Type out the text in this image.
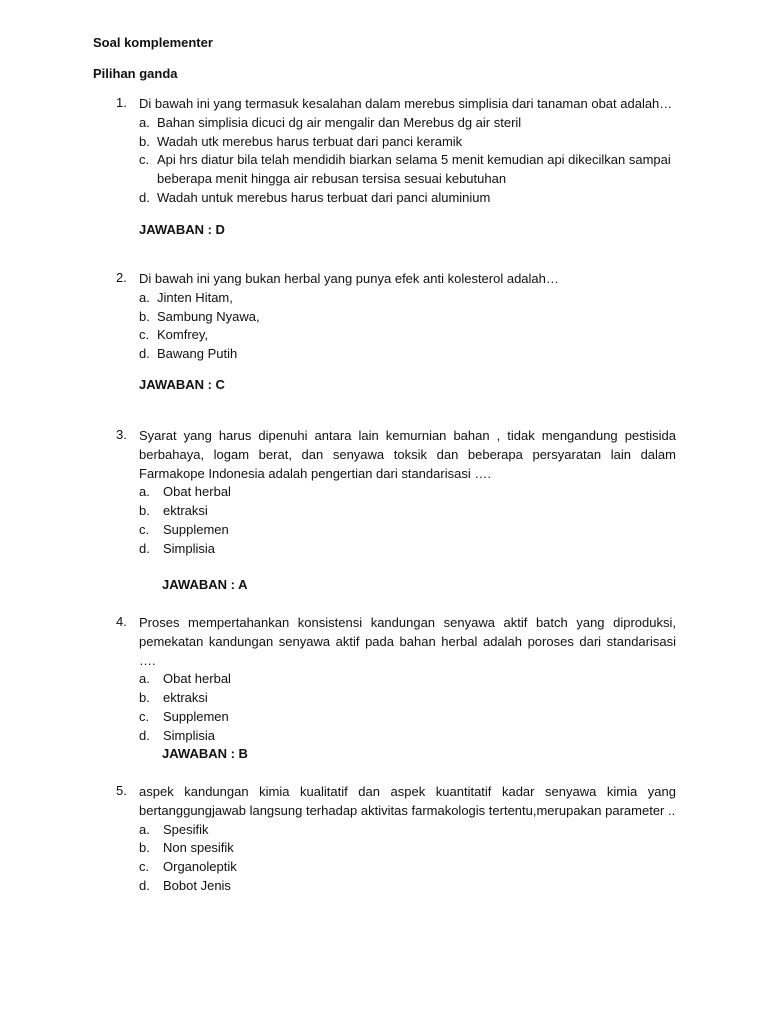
Soal komplementer
Pilihan ganda
1. Di bawah ini yang termasuk kesalahan dalam merebus simplisia dari tanaman obat adalah…
a. Bahan simplisia dicuci dg air mengalir dan Merebus dg air steril
b. Wadah utk merebus harus terbuat dari panci keramik
c. Api hrs diatur bila telah mendidih biarkan selama 5 menit kemudian api dikecilkan sampai beberapa menit hingga air rebusan tersisa sesuai kebutuhan
d. Wadah untuk merebus harus terbuat dari panci aluminium
JAWABAN : D
2. Di bawah ini yang bukan herbal yang punya efek anti kolesterol adalah…
a. Jinten Hitam,
b. Sambung Nyawa,
c. Komfrey,
d. Bawang Putih
JAWABAN : C
3. Syarat yang harus dipenuhi antara lain kemurnian bahan , tidak mengandung pestisida berbahaya, logam berat, dan senyawa toksik dan beberapa persyaratan lain dalam Farmakope Indonesia adalah pengertian dari standarisasi ….
a.	Obat herbal
b.	ektraksi
c.	Supplemen
d.	Simplisia
JAWABAN : A
4. Proses mempertahankan konsistensi kandungan senyawa aktif batch yang diproduksi, pemekatan kandungan senyawa aktif pada bahan herbal adalah poroses dari standarisasi ….
a.	Obat herbal
b.	ektraksi
c.	Supplemen
d.	Simplisia
JAWABAN : B
5. aspek kandungan kimia kualitatif dan aspek kuantitatif kadar senyawa kimia yang bertanggungjawab langsung terhadap aktivitas farmakologis tertentu,merupakan parameter ..
a.	Spesifik
b.	Non spesifik
c.	Organoleptik
d.	Bobot Jenis
